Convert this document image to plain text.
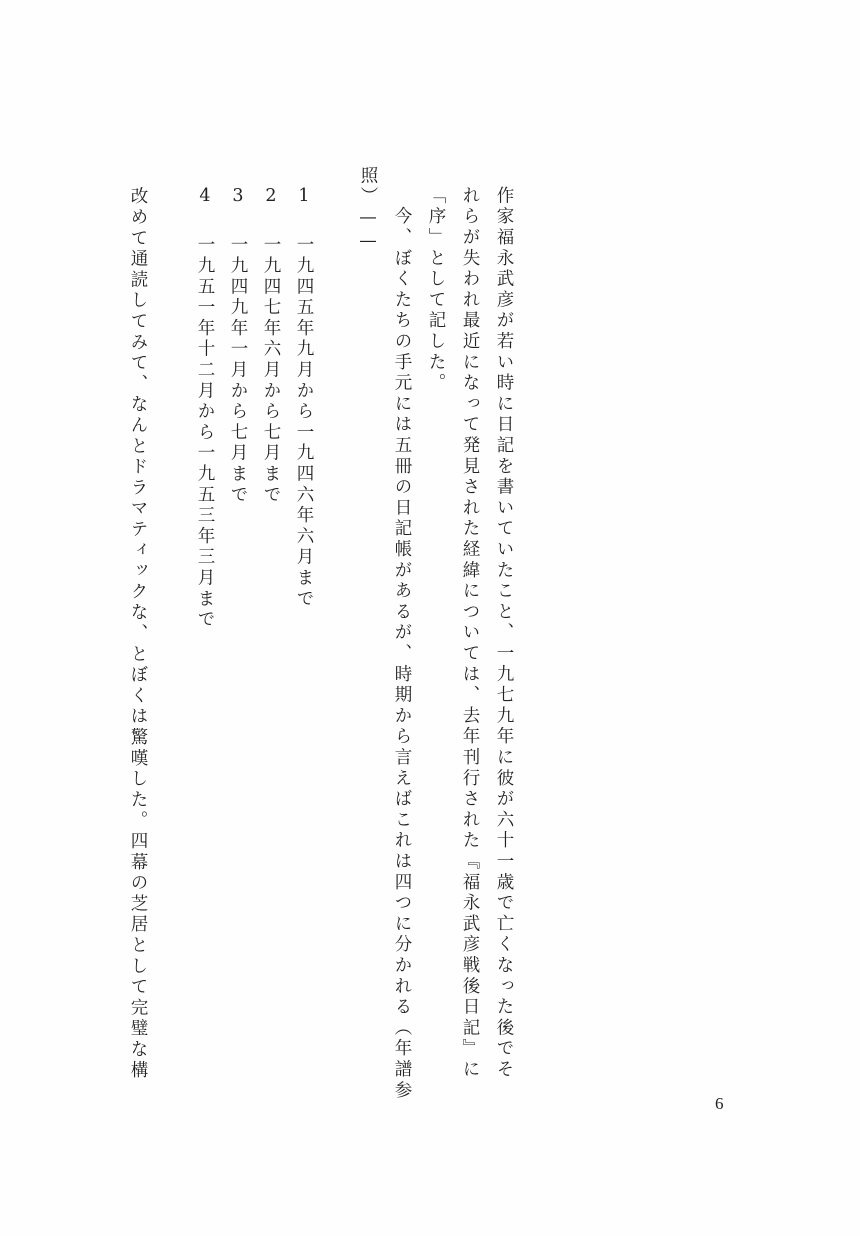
作家福永武彦が若い時に日記を書いていたこと、一九七九年に彼が六十一歳で亡くなった後でそ
れらが失われ最近になって発見された経緯については、去年刊行された『福永武彦戦後日記』に
「序」として記した。
　今、ぼくたちの手元には五冊の日記帳があるが、時期から言えばこれは四つに分かれる（年譜参
照）——
1一九四五年九月から一九四六年六月まで
2一九四七年六月から七月まで
3一九四九年一月から七月まで
4一九五一年十二月から一九五三年三月まで
　改めて通読してみて、なんとドラマティックな、とぼくは驚嘆した。四幕の芝居として完璧な構
6
